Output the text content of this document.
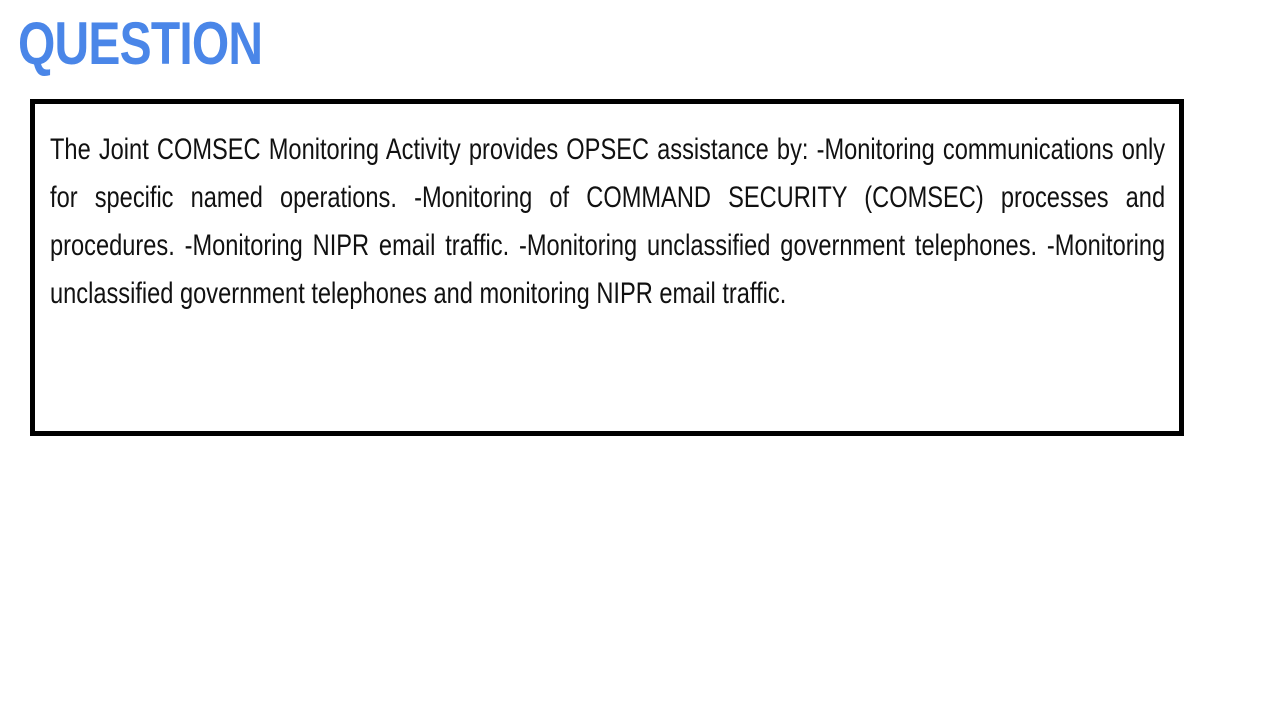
QUESTION

The Joint COMSEC Monitoring Activity provides OPSEC assistance by: -Monitoring communications only for specific named operations. -Monitoring of COMMAND SECURITY (COMSEC) processes and procedures. -Monitoring NIPR email traffic. -Monitoring unclassified government telephones. -Monitoring unclassified government telephones and monitoring NIPR email traffic.
